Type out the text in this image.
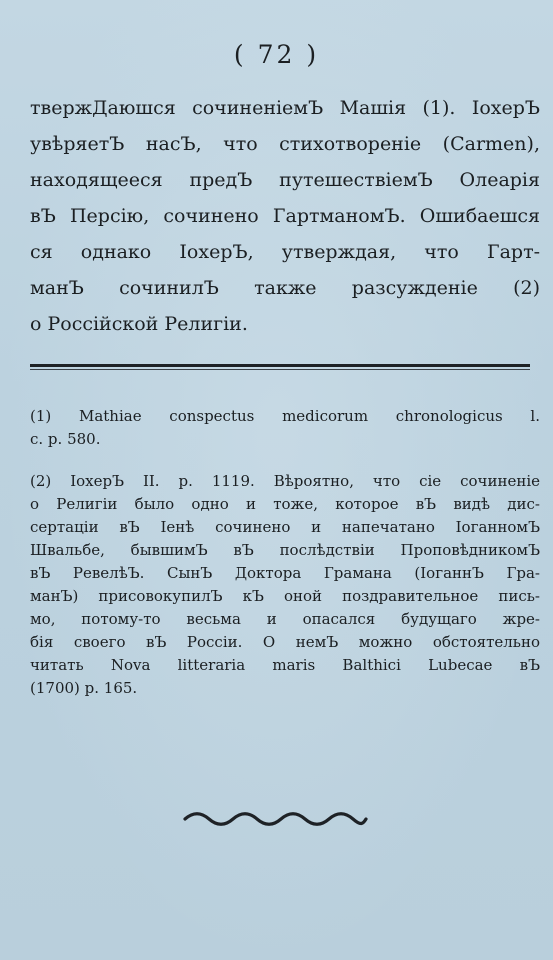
( 72 )
твержДаюшся сочиненіемЪ Машія (1). ІохерЪ
увѣряетЪ насЪ, что стихотвореніе (Carmen),
находящееся предЪ путешествіемЪ Олеарія
вЪ Персію, сочинено ГартманомЪ. Ошибаешся
ся однако ІохерЪ, утверждая, что Гарт-
манЪ сочинилЪ также разсужденіе (2)
о Россійской Религіи.
(1) Mathiae conspectus medicorum chronologicus l.
c. p. 580.
(2) ІохерЪ II. p. 1119. Вѣроятно, что сіе сочиненіе
о Религіи было одно и тоже, которое вЪ видѣ дис-
сертаціи вЪ Іенѣ сочинено и напечатано ІоганномЪ
Швальбе, бывшимЪ вЪ послѣдствіи ПроповѣдникомЪ
вЪ РевелѣЪ. СынЪ Доктора Грамана (ІоганнЪ Гра-
манЪ) присовокупилЪ кЪ оной поздравительное пись-
мо, потому-то весьма и опасался будущаго жре-
бія своего вЪ Россіи. О немЪ можно обстоятельно
читать Nova litteraria maris Balthici Lubecae вЪ
(1700) p. 165.
